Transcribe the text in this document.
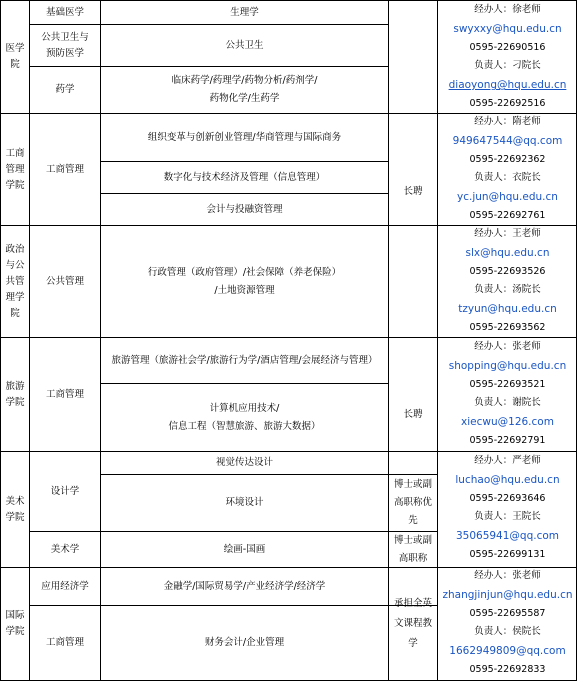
医学
院
工商
管理
学院
政治
与公
共管
理学
院
旅游
学院
美术
学院
国际
学院
基础医学
公共卫生与
预防医学
药学
工商管理
公共管理
工商管理
设计学
美术学
应用经济学
工商管理
生理学
公共卫生
临床药学/药理学/药物分析/药剂学/
药物化学/生药学
组织变革与创新创业管理/华商管理与国际商务
数字化与技术经济及管理（信息管理）
会计与投融资管理
行政管理（政府管理）/社会保障（养老保险）
/土地资源管理
旅游管理（旅游社会学/旅游行为学/酒店管理/会展经济与管理）
计算机应用技术/
信息工程（智慧旅游、旅游大数据）
视觉传达设计
环境设计
绘画-国画
金融学/国际贸易学/产业经济学/经济学
财务会计/企业管理
长聘
长聘
博士或副
高职称优
先
博士或副
高职称
承担全英
文课程教
学
经办人：徐老师
swyxxy@hqu.edu.cn
0595-22690516
负责人：刁院长
diaoyong@hqu.edu.cn
0595-22692516
经办人：隋老师
949647544@qq.com
0595-22692362
负责人：衣院长
yc.jun@hqu.edu.cn
0595-22692761
经办人：王老师
slx@hqu.edu.cn
0595-22693526
负责人：汤院长
tzyun@hqu.edu.cn
0595-22693562
经办人：张老师
shopping@hqu.edu.cn
0595-22693521
负责人：谢院长
xiecwu@126.com
0595-22692791
经办人：严老师
luchao@hqu.edu.cn
0595-22693646
负责人：王院长
35065941@qq.com
0595-22699131
经办人：张老师
zhangjinjun@hqu.edu.cn
0595-22695587
负责人：侯院长
1662949809@qq.com
0595-22692833
